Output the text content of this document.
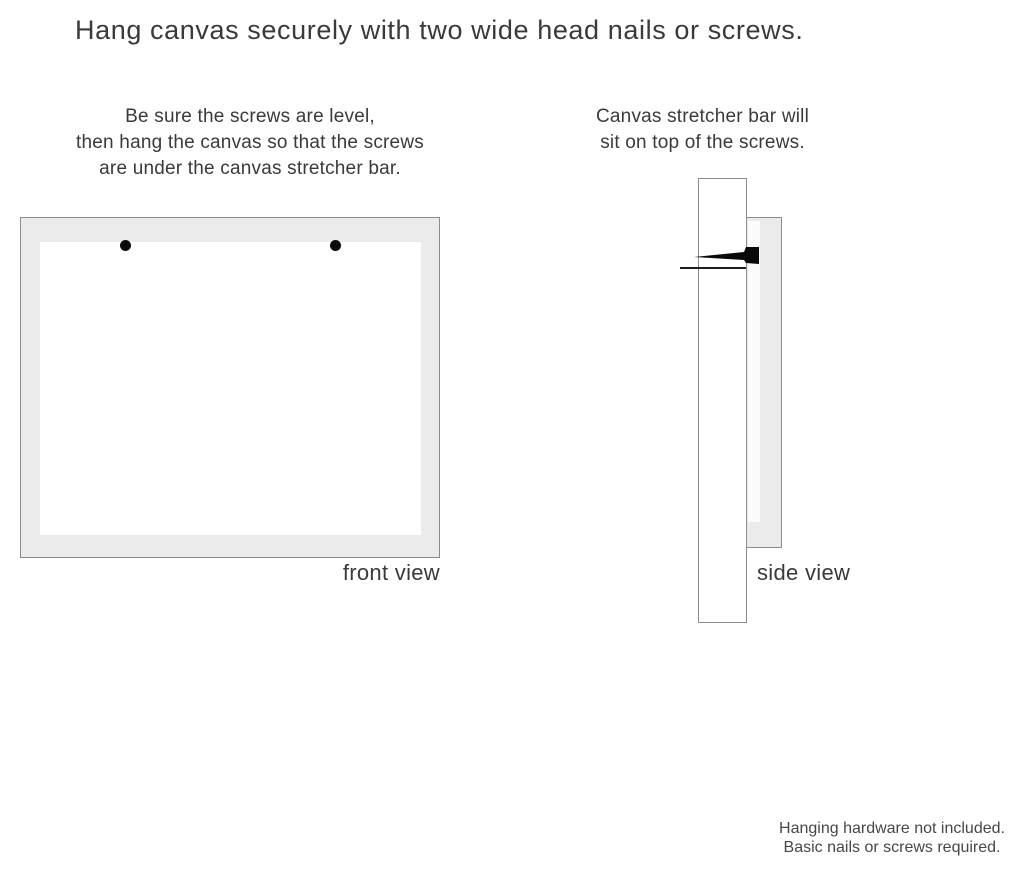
Hang canvas securely with two wide head nails or screws.
Be sure the screws are level,
then hang the canvas so that the screws
are under the canvas stretcher bar.
Canvas stretcher bar will
sit on top of the screws.
front view	side view
Hanging hardware not included.
Basic nails or screws required.
